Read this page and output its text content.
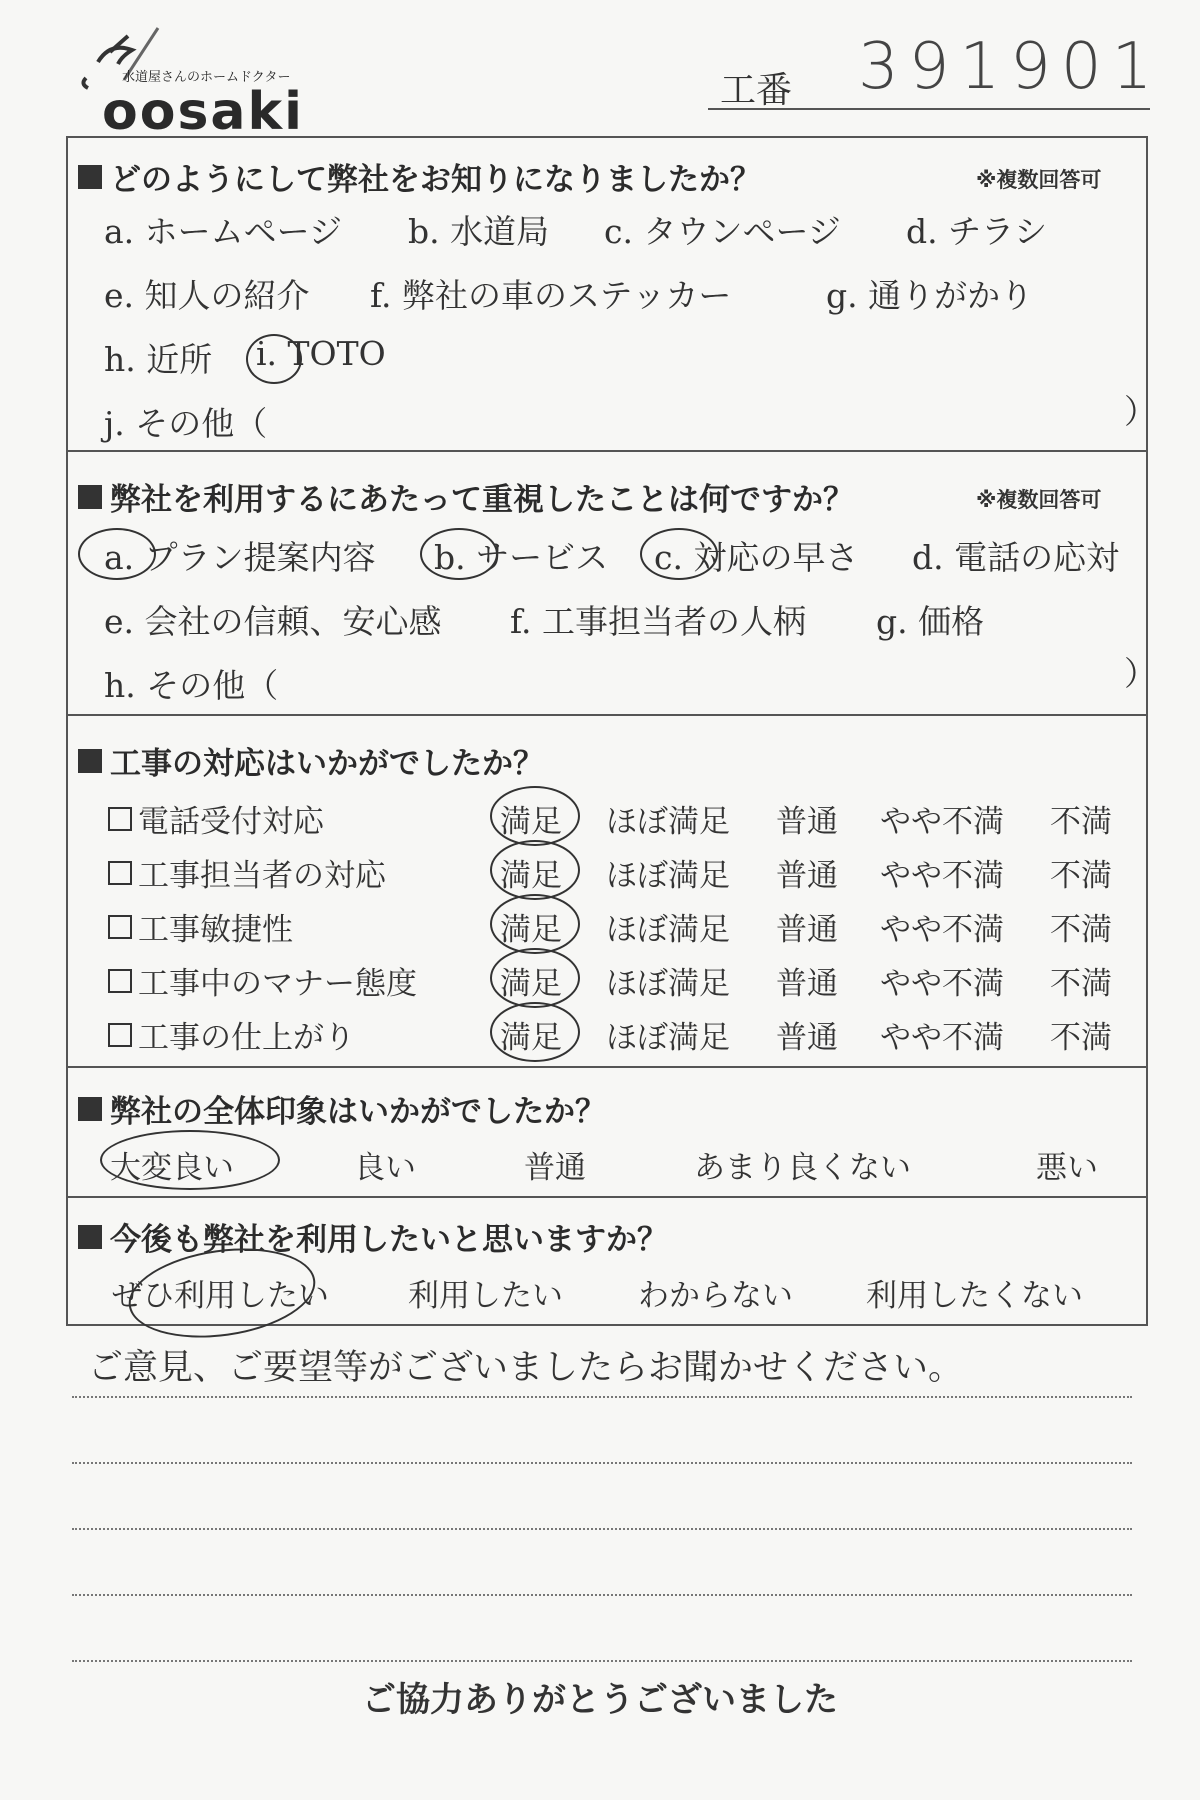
水道屋さんのホームドクター
oosaki	工番 391901
どのようにして弊社をお知りになりましたか？	※複数回答可
a. ホームページ b. 水道局 c. タウンページ d. チラシ
e. 知人の紹介 f. 弊社の車のステッカー	g. 通りがかり
h. 近所 i. TOTO
j. その他（	）
弊社を利用するにあたって重視したことは何ですか？	※複数回答可
a. プラン提案内容 b. サービス c. 対応の早さ d. 電話の応対
e. 会社の信頼、安心感 f. 工事担当者の人柄 g. 価格
h. その他（	）
工事の対応はいかがでしたか？
電話受付対応	満足 ほぼ満足 普通 やや不満 不満
工事担当者の対応	満足 ほぼ満足 普通 やや不満 不満
工事敏捷性	満足 ほぼ満足 普通 やや不満 不満
工事中のマナー態度	満足 ほぼ満足 普通 やや不満 不満
工事の仕上がり	満足 ほぼ満足 普通 やや不満 不満
弊社の全体印象はいかがでしたか？
大変良い	良い	普通	あまり良くない	悪い
今後も弊社を利用したいと思いますか？
ぜひ利用したい	利用したい わからない 利用したくない
ご意見、ご要望等がございましたらお聞かせください。
ご協力ありがとうございました
